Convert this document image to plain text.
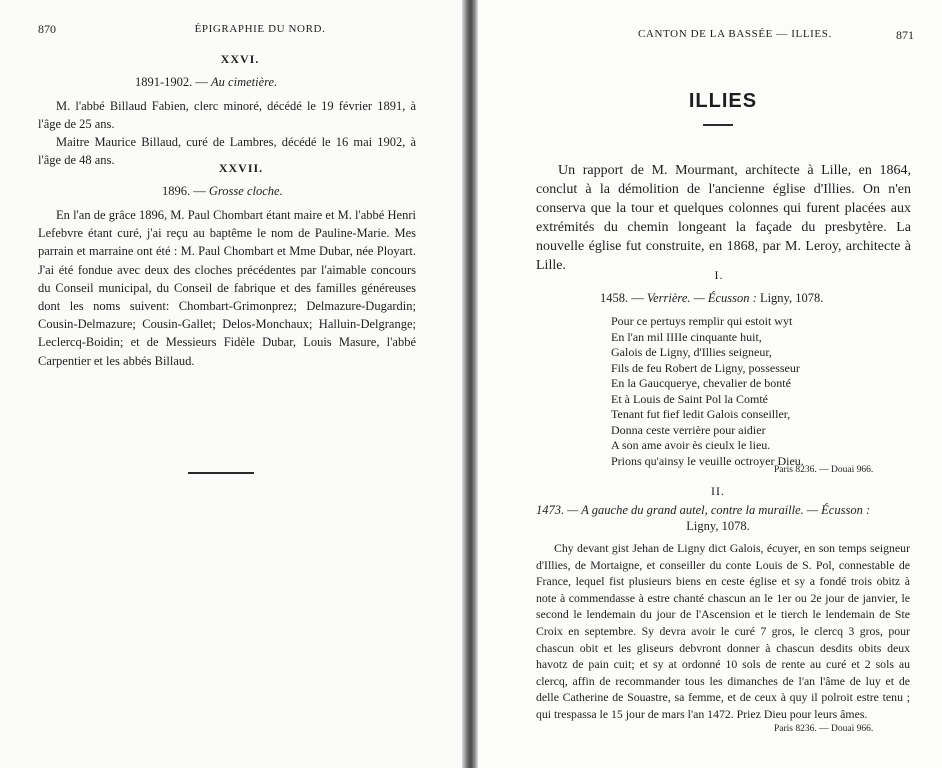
870	ÉPIGRAPHIE DU NORD.
XXVI.
1891-1902. — Au cimetière.

M. l'abbé Billaud Fabien, clerc minoré, décédé le 19 février 1891, à l'âge de 25 ans.

Maitre Maurice Billaud, curé de Lambres, décédé le 16 mai 1902, à l'âge de 48 ans.

XXVII.
1896. — Grosse cloche.

En l'an de grâce 1896, M. Paul Chombart étant maire et M. l'abbé Henri Lefebvre étant curé, j'ai reçu au baptême le nom de Pauline-Marie. Mes parrain et marraine ont été : M. Paul Chombart et Mme Dubar, née Ployart. J'ai été fondue avec deux des cloches précédentes par l'aimable concours du Conseil municipal, du Conseil de fabrique et des familles généreuses dont les noms suivent: Chombart-Grimonprez; Delmazure-Dugardin; Cousin-Delmazure; Cousin-Gallet; Delos-Monchaux; Halluin-Delgrange; Leclercq-Boidin; et de Messieurs Fidèle Dubar, Louis Masure, l'abbé Carpentier et les abbés Billaud.

CANTON DE LA BASSÉE — ILLIES.	871
ILLIES
Un rapport de M. Mourmant, architecte à Lille, en 1864, conclut à la démolition de l'ancienne église d'Illies. On n'en conserva que la tour et quelques colonnes qui furent placées aux extrémités du chemin longeant la façade du presbytère. La nouvelle église fut construite, en 1868, par M. Leroy, architecte à Lille.
I.
1458. — Verrière. — Écusson : Ligny, 1078.
Pour ce pertuys remplir qui estoit wyt
En l'an mil IIIIe cinquante huit,
Galois de Ligny, d'Illies seigneur,
Fils de feu Robert de Ligny, possesseur
En la Gaucqueryе, chevalier de bonté
Et à Louis de Saint Pol la Comté
Tenant fut fief ledit Galois conseiller,
Donna ceste verrière pour aidier
A son ame avoir ès cieulx le lieu.
Prions qu'ainsy le veuille octroyer Dieu.
Paris 8236. — Douai 966.
II.
1473. — A gauche du grand autel, contre la muraille. — Écusson :
Ligny, 1078.

Chy devant gist Jehan de Ligny dict Galois, écuyer, en son temps seigneur d'Illies, de Mortaigne, et conseiller du conte Louis de S. Pol, connestable de France, lequel fist plusieurs biens en ceste église et sy a fondé trois obitz à note à commendasse à estre chanté chascun an le 1er ou 2e jour de janvier, le second le lendemain du jour de l'Ascension et le tierch le lendemain de Ste Croix en septembre. Sy devra avoir le curé 7 gros, le clercq 3 gros, pour chascun obit et les gliseurs debvront donner à chascun desdits obits deux havotz de pain cuit; et sy at ordonné 10 sols de rente au curé et 2 sols au clercq, affin de recommander tous les dimanches de l'an l'âme de luy et de delle Catherine de Souastre, sa femme, et de ceux à quy il polroit estre tenu ; qui trespassa le 15 jour de mars l'an 1472. Priez Dieu pour leurs âmes.

Paris 8236. — Douai 966.
